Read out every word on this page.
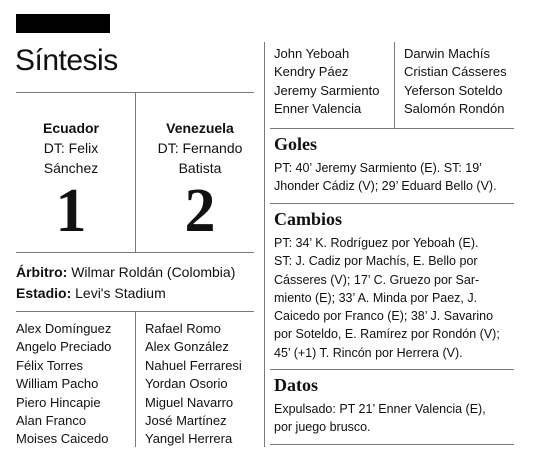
Síntesis
Ecuador
DT: Felix
Sánchez
1
Venezuela
DT: Fernando
Batista
2
Árbitro: Wilmar Roldán (Colombia)
Estadio: Levi's Stadium
Alex Domínguez
Angelo Preciado
Félix Torres
William Pacho
Piero Hincapie
Alan Franco
Moises Caicedo
John Yeboah
Kendry Páez
Jeremy Sarmiento
Enner Valencia
Rafael Romo
Alex González
Nahuel Ferraresi
Yordan Osorio
Miguel Navarro
José Martínez
Yangel Herrera
Darwin Machís
Cristian Cásseres
Yeferson Soteldo
Salomón Rondón
Goles
PT: 40’ Jeremy Sarmiento (E). ST: 19’
Jhonder Cádiz (V); 29’ Eduard Bello (V).
Cambios
PT: 34’ K. Rodríguez por Yeboah (E).
ST: J. Cadiz por Machís, E. Bello por
Cásseres (V); 17’ C. Gruezo por Sar-
miento (E); 33’ A. Minda por Paez, J.
Caicedo por Franco (E); 38’ J. Savarino
por Soteldo, E. Ramírez por Rondón (V);
45’ (+1) T. Rincón por Herrera (V).
Datos
Expulsado: PT 21’ Enner Valencia (E),
por juego brusco.
